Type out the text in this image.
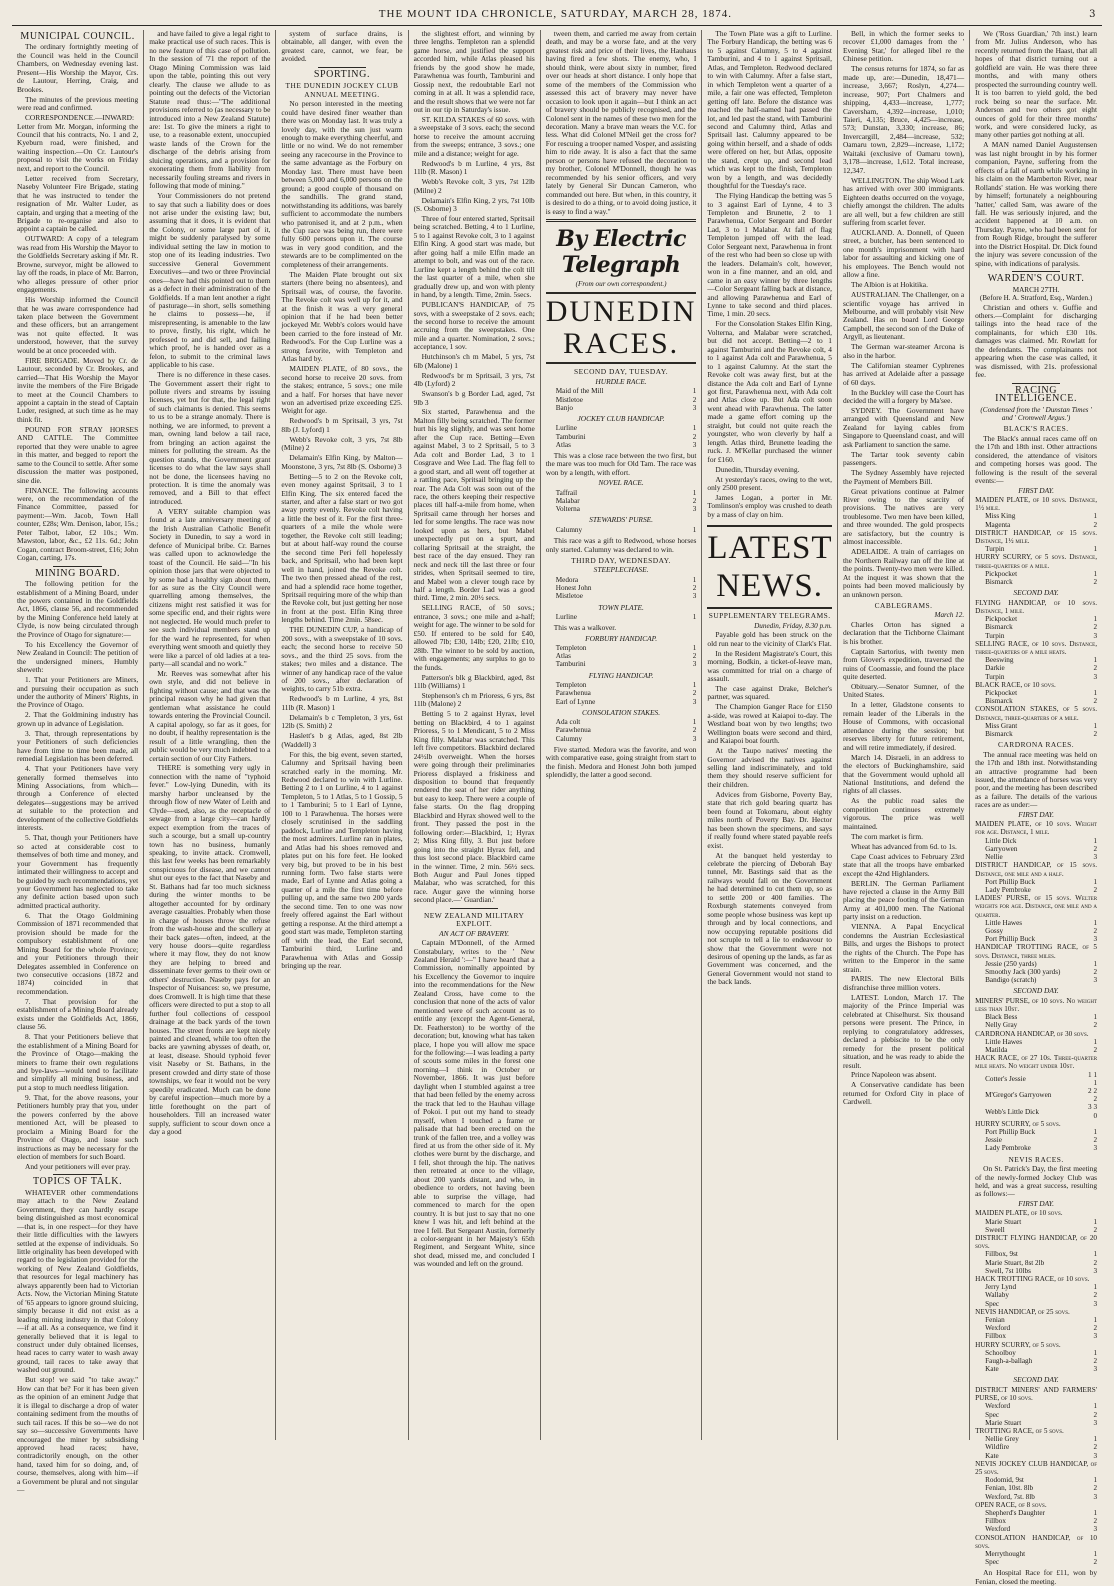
THE MOUNT IDA CHRONICLE, SATURDAY, MARCH 28, 1874.	3
MUNICIPAL COUNCIL.

The ordinary fortnightly meeting of the Council was held in the Council Chambers, on Wednesday evening last. Present—His Worship the Mayor, Crs. de Lautour, Herring, Craig, and Brookes.

The minutes of the previous meeting were read and confirmed.

CORRESPONDENCE.—INWARD: Letter from Mr. Morgan, informing the Council that his contracts, No. 1 and 2, Kyeburn road, were finished, and waiting inspection.—On Cr. Lautour's proposal to visit the works on Friday next, and report to the Council.

Letter received from Secretary, Naseby Volunteer Fire Brigade, stating that he was instructed to tender the resignation of Mr. Walter Luder, as captain, and urging that a meeting of the Brigade to re-organise and also to appoint a captain be called.

OUTWARD: A copy of a telegram was read from His Worship the Mayor to the Goldfields Secretary asking if Mr. R. Browne, surveyor, might be allowed to lay off the roads, in place of Mr. Barron, who alleges pressure of other prior engagements.

His Worship informed the Council that he was aware correspondence had taken place between the Government and these officers, but an arrangement was not quite effected. It was understood, however, that the survey would be at once proceeded with.

FIRE BRIGADE. Moved by Cr. de Lautour, seconded by Cr. Brookes, and carried—That His Worship the Mayor invite the members of the Fire Brigade to meet at the Council Chambers to appoint a captain in the stead of Captain Luder, resigned, at such time as he may think fit.

POUND FOR STRAY HORSES AND CATTLE. The Committee reported that they were unable to agree in this matter, and begged to report the same to the Council to settle. After some discussion the matter was postponed, sine die.

FINANCE. The following accounts were, on the recommendation of the Finance Committee, passed for payment:—Wm. Jacob, Town Hall counter, £28s; Wm. Denison, labor, 15s.; Peter Talbot, labor, £2 10s.; Wm. Mawston, labor, &c., £2 11s. 6d.; John Cogan, contract Broom-street, £16; John Cogan, carting, 17s.

MINING BOARD.

The following petition for the establishment of a Mining Board, under the powers contained in the Goldfields Act, 1866, clause 56, and recommended by the Mining Conference held lately at Clyde, is now being circulated through the Province of Otago for signature:—

To his Excellency the Governor of New Zealand in Council: The petition of the undersigned miners, Humbly sheweth:

1. That your Petitioners are Miners, and pursuing their occupation as such under the authority of Miners' Rights, in the Province of Otago.

2. That the Goldmining industry has grown up in advance of Legislation.

3. That, through representations by your Petitioners of such deficiencies have from time to time been made, all remedial Legislation has been deferred.

4. That your Petitioners have very generally formed themselves into Mining Associations, from which—through a Conference of elected delegates—suggestions may be arrived at suitable to the protection and development of the collective Goldfields interests.

5. That, though your Petitioners have so acted at considerable cost to themselves of both time and money, and your Government has frequently intimated their willingness to accept and be guided by such recommendations, yet your Government has neglected to take any definite action based upon such admitted practical authority.

6. That the Otago Goldmining Commission of 1871 recommended that provision should be made for the compulsory establishment of one Mining Board for the whole Province; and your Petitioners through their Delegates assembled in Conference on two consecutive occasions (1872 and 1874) coincided in that recommendation.

7. That provision for the establishment of a Mining Board already exists under the Goldfields Act, 1866, clause 56.

8. That your Petitioners believe that the establishment of a Mining Board for the Province of Otago—making the miners to frame their own regulations and bye-laws—would tend to facilitate and simplify all mining business, and put a stop to much needless litigation.

9. That, for the above reasons, your Petitioners humbly pray that you, under the powers conferred by the above mentioned Act, will be pleased to proclaim a Mining Board for the Province of Otago, and issue such instructions as may be necessary for the election of members for such Board.

And your petitioners will ever pray.

TOPICS OF TALK.

WHATEVER other commendations may attach to the New Zealand Government, they can hardly escape being distinguished as most economical—that is, in one respect—for they have their little difficulties with the lawyers settled at the expense of individuals. So little originality has been developed with regard to the legislation provided for the working of New Zealand Goldfields, that resources for legal machinery has always apparently been had to Victorian Acts. Now, the Victorian Mining Statute of '65 appears to ignore ground sluicing, simply because it did not exist as a leading mining industry in that Colony—if at all. As a consequence, we find it generally believed that it is legal to construct under duly obtained licenses, head races to carry water to wash away ground, tail races to take away that washed out ground.

But stop! we said "to take away." How can that be? For it has been given as the opinion of an eminent Judge that it is illegal to discharge a drop of water containing sediment from the mouths of such tail races. If this be so—we do not say so—successive Governments have encouraged the miner by subsidising approved head races; have, contradictorily enough, on the other hand, taxed him for so doing, and, of course, themselves, along with him—if a Government be plural and not singular—

and have failed to give a legal right to make practical use of such races. This is no new feature of this case of pollution. In the session of '71 the report of the Otago Mining Commission was laid upon the table, pointing this out very clearly. The clause we allude to as pointing out the defects of the Victorian Statute read thus:—"The additional provisions referred to (as necessary to be introduced into a New Zealand Statute) are: 1st. To give the miners a right to use, to a reasonable extent, unoccupied waste lands of the Crown for the discharge of the debris arising from sluicing operations, and a provision for exonerating them from liability from necessarily fouling streams and rivers in following that mode of mining."

Your Commissioners do not pretend to say that such a liability does or does not arise under the existing law; but, assuming that it does, it is evident that the Colony, or some large part of it, might be suddenly paralysed by some individual setting the law in motion to stop one of its leading industries. Two successive General Government Executives—and two or three Provincial ones—have had this pointed out to them as a defect in their administration of the Goldfields. If a man lent another a right of pasturage—in short, sells something he claims to possess—he, if misrepresenting, is amenable to the law to prove, firstly, his right, which he professed to and did sell, and failing which proof, he is handed over as a felon, to submit to the criminal laws applicable to his case.

There is no difference in these cases. The Government assert their right to pollute rivers and streams by issuing licenses, yet but for that, the legal right of such claimants is denied. This seems to us to be a strange anomaly. There is nothing, we are informed, to prevent a man, owning land below a tail race, from bringing an action against the miners for polluting the stream. As the question stands, the Government grant licenses to do what the law says shall not be done, the licensees having no protection. It is time the anomaly was removed, and a Bill to that effect introduced.

A VERY suitable champion was found at a late anniversary meeting of the Irish Australian Catholic Benefit Society in Dunedin, to say a word in defence of Municipal bribe. Cr. Barnes was called upon to acknowledge the toast of the Council. He said—"In his opinion those jars that were objected to by some had a healthy sign about them, for as sure as the City Council were quarrelling among themselves, the citizens might rest satisfied it was for some specific end, and their rights were not neglected. He would much prefer to see such individual members stand up for the ward he represented, for when everything went smooth and quietly they were like a parcel of old ladies at a tea-party—all scandal and no work."

Mr. Reeves was somewhat after his own style, and did not believe in fighting without cause; and that was the principal reason why he had given that gentleman what assistance he could towards entering the Provincial Council. A capital apology, so far as it goes, for no doubt, if healthy representation is the result of a little wrangling, then the public would be very much indebted to a certain section of our City Fathers.

THERE is something very ugly in connection with the name of "typhoid fever." Low-lying Dunedin, with its marshy harbor uncleansed by the through flow of new Water of Leith and Clyde—used, also, as the receptacle of sewage from a large city—can hardly expect exemption from the traces of such a scourge, but a small up-country town has no business, humanly speaking, to invite attack. Cromwell, this last few weeks has been remarkably conspicuous for disease, and we cannot shut our eyes to the fact that Naseby and St. Bathans had far too much sickness during the winter months to be altogether accounted for by ordinary average casualties. Probably when those in charge of houses throw the refuse from the wash-house and the scullery at their back gates—often, indeed, at the very house doors—quite regardless where it may flow, they do not know they are helping to breed and disseminate fever germs to their own or others' destruction. Naseby pays for an Inspector of Nuisances: so, we presume, does Cromwell. It is high time that these officers were directed to put a stop to all further foul collections of cesspool drainage at the back yards of the town houses. The street fronts are kept nicely painted and cleaned, while too often the backs are yawning abysses of death, or, at least, disease. Should typhoid fever visit Naseby or St. Bathans, in the present crowded and dirty state of those townships, we fear it would not be very speedily eradicated. Much can be done by careful inspection—much more by a little forethought on the part of householders. Till an increased water supply, sufficient to scour down once a day a good

system of surface drains, is obtainable, all danger, with even the greatest care, cannot, we fear, be avoided.

SPORTING.
THE DUNEDIN JOCKEY CLUB ANNUAL MEETING.

No person interested in the meeting could have desired finer weather than there was on Monday last. It was truly a lovely day, with the sun just warm enough to make everything cheerful, and little or no wind. We do not remember seeing any racecourse in the Province to the same advantage as the Forbury on Monday last. There must have been between 5,000 and 6,000 persons on the ground; a good couple of thousand on the sandhills. The grand stand, notwithstanding its additions, was barely sufficient to accommodate the numbers who patronised it, and at 2 p.m., when the Cup race was being run, there were fully 600 persons upon it. The course was in very good condition, and the stewards are to be complimented on the completeness of their arrangements.

The Maiden Plate brought out six starters (there being no absentees), and Spritsail was, of course, the favorite. The Revoke colt was well up for it, and at the finish it was a very general opinion that if he had been better jockeyed Mr. Webb's colors would have been carried to the fore instead of Mr. Redwood's. For the Cup Lurline was a strong favorite, with Templeton and Atlas hard by.

MAIDEN PLATE, of 80 sovs., the second horse to receive 20 sovs. from the stakes; entrance, 5 sovs.; one mile and a half. For horses that have never won an advertised prize exceeding £25. Weight for age.

Redwood's b m Spritsail, 3 yrs, 7st 8lb (J. Lyford) 1

Webb's Revoke colt, 3 yrs, 7st 8lb (Milne) 2

Delamain's Elfin King, by Malton—Moonstone, 3 yrs, 7st 8lb (S. Osborne) 3

Betting—5 to 2 on the Revoke colt, even money against Spritsail, 3 to 1 Elfin King. The six entered faced the starter, and after a false start or two got away pretty evenly. Revoke colt having a little the best of it. For the first three-quarters of a mile the whole were together, the Revoke colt still leading; but at about half-way round the course the second time Peri fell hopelessly back, and Spritsail, who had been kept well in hand, joined the Revoke colt. The two then pressed ahead of the rest, and had a splendid race home together, Spritsail requiring more of the whip than the Revoke colt, but just getting her nose in front at the post. Elfin King three lengths behind. Time 2min. 58sec.

THE DUNEDIN CUP, a handicap of 200 sovs., with a sweepstake of 10 sovs. each; the second horse to receive 50 sovs., and the third 25 sovs. from the stakes; two miles and a distance. The winner of any handicap race of the value of 200 sovs., after declaration of weights, to carry 51b extra.

Redwood's b m Lurline, 4 yrs, 8st 11lb (R. Mason) 1

Delamain's b c Templeton, 3 yrs, 6st 12lb (S. Smith) 2

Haslett's b g Atlas, aged, 8st 2lb (Waddell) 3

For this, the big event, seven started, Calumny and Spritsail having been scratched early in the morning. Mr. Redwood declared to win with Lurline. Betting 2 to 1 on Lurline, 4 to 1 against Templeton, 5 to 1 Atlas, 5 to 1 Gossip, 5 to 1 Tamburini; 5 to 1 Earl of Lynne, 100 to 1 Parawhenua. The horses were closely scrutinised in the saddling paddock, Lurline and Templeton having the most admirers. Lurline ran in plates, and Atlas had his shoes removed and plates put on his fore feet. He looked very big, but proved to be in his best running form. Two false starts were made, Earl of Lynne and Atlas going a quarter of a mile the first time before pulling up, and the same two 200 yards the second time. Ten to one was now freely offered against the Earl without getting a response. At the third attempt a good start was made, Templeton starting off with the lead, the Earl second, Tamburini third, Lurline and Parawhenua with Atlas and Gossip bringing up the rear.

the slightest effort, and winning by three lengths. Templeton ran a splendid game horse, and justified the support accorded him, while Atlas pleased his friends by the good show he made, Parawhenua was fourth, Tamburini and Gossip next, the redoubtable Earl not coming in at all. It was a splendid race, and the result shows that we were not far out in our tip in Saturday's issue.

ST. KILDA STAKES of 60 sovs. with a sweepstake of 3 sovs. each; the second horse to receive the amount accruing from the sweeps; entrance, 3 sovs.; one mile and a distance; weight for age.

Redwood's b m Lurline, 4 yrs, 8st 11lb (R. Mason) 1

Webb's Revoke colt, 3 yrs, 7st 12lb (Milne) 2

Delamain's Elfin King, 2 yrs, 7st 10lb (S. Osborne) 3

Three of four entered started, Spritsail being scratched. Betting, 4 to 1 Lurline, 5 to 1 against Revoke colt, 3 to 1 against Elfin King. A good start was made, but after going half a mile Elfin made an attempt to bolt, and was out of the race. Lurline kept a length behind the colt till the last quarter of a mile, when she gradually drew up, and won with plenty in hand, by a length. Time, 2min. 5secs.

PUBLICAN'S HANDICAP, of 75 sovs, with a sweepstake of 2 sovs. each; the second horse to receive the amount accruing from the sweepstakes. One mile and a quarter. Nomination, 2 sovs.; acceptance, 1 sov.

Hutchinson's ch m Mabel, 5 yrs, 7st 6lb (Malone) 1

Redwood's br m Spritsail, 3 yrs, 7st 4lb (Lyford) 2

Swanson's b g Border Lad, aged, 7st 9lb 3

Six started, Parawhenua and the Malton filly being scratched. The former hurt his leg slightly, and was sent home after the Cup race. Betting—Even against Mabel, 3 to 2 Spritsail, 5 to 3 Ada colt and Border Lad, 3 to 1 Cosgrave and Wee Lad. The flag fell to a good start, and all went off together at a rattling pace, Spritsail bringing up the rear. The Ada Colt was soon out of the race, the others keeping their respective places till half-a-mile from home, when Spritsail came through her horses and led for some lengths. The race was now looked upon as hers, but Mabel unexpectedly put on a spurt, and collaring Spritsail at the straight, the best race of the day ensued. They ran neck and neck till the last three or four strides, when Spritsail seemed to tire, and Mabel won a clever tough race by half a length. Border Lad was a good third. Time, 2 min. 20½ secs.

SELLING RACE, of 50 sovs.; entrance, 3 sovs.; one mile and a-half; weight for age. The winner to be sold for £50. If entered to be sold for £40, allowed 7lb; £30, 14lb; £20, 21lb; £10, 28lb. The winner to be sold by auction, with engagements; any surplus to go to the funds.

Patterson's blk g Blackbird, aged, 8st 11lb (Williams) 1

Stephenson's ch m Prioress, 6 yrs, 8st 11lb (Malone) 2

Betting 5 to 2 against Hyrax, level betting on Blackbird, 4 to 1 against Prioress, 5 to 1 Mendicant, 5 to 2 Miss King filly. Malabar was scratched. This left five competitors. Blackbird declared 24½lb overweight. When the horses were going through their preliminaries Prioress displayed a friskiness and disposition to bound that frequently rendered the seat of her rider anything but easy to keep. There were a couple of false starts. On the flag dropping Blackbird and Hyrax showed well to the front. They passed the post in the following order:—Blackbird, 1; Hyrax 2; Miss King filly, 3. But just before going into the straight Hyrax fell, and thus lost second place. Blackbird came in the winner. Time, 2 min. 56½ secs. Both Augur and Paul Jones tipped Malabar, who was scratched, for this race. Augur gave the winning horse second place.—' Guardian.'

NEW ZEALAND MILITARY EXPLOIT.
AN ACT OF BRAVERY.

Captain M'Donnell, of the Armed Constabulary, writes to the ' New Zealand Herald ':—" I have heard that a Commission, nominally appointed by his Excellency the Governor to inquire into the recommendations for the New Zealand Cross, have come to the conclusion that none of the acts of valor mentioned were of such account as to entitle any (except the Agent-General, Dr. Featherston) to be worthy of the decoration; but, knowing what has taken place, I hope you will allow me space for the following:—I was leading a party of scouts some miles in the forest one morning—I think in October or November, 1866. It was just before daylight when I stumbled against a tree that had been felled by the enemy across the track that led to the Hauhau village of Pokoi. I put out my hand to steady myself, when I touched a frame or palisade that had been erected on the trunk of the fallen tree, and a volley was fired at us from the other side of it. My clothes were burnt by the discharge, and I fell, shot through the hip. The natives then retreated at once to the village, about 200 yards distant, and who, in obedience to orders, not having been able to surprise the village, had commenced to march for the open country. It is but just to say that no one knew I was hit, and left behind at the tree I fell. But Sergeant Austin, formerly a color-sergeant in her Majesty's 65th Regiment, and Sergeant White, since shot dead, missed me, and concluded I was wounded and left on the ground.

tween them, and carried me away from certain death, and may be a worse fate, and at the very greatest risk and price of their lives, the Hauhaus having fired a few shots. The enemy, who, I should think, were about sixty in number, fired over our heads at short distance. I only hope that some of the members of the Commission who assessed this act of bravery may never have occasion to look upon it again—but I think an act of bravery should be publicly recognised, and the Colonel sent in the names of these two men for the decoration. Many a brave man wears the V.C. for less. What did Colonel M'Neil get the cross for? For rescuing a trooper named Vosper, and assisting him to ride away. It is also a fact that the same person or persons have refused the decoration to my brother, Colonel M'Donnell, though he was recommended by his senior officers, and very lately by General Sir Duncan Cameron, who commanded out here. But when, in this country, it is desired to do a thing, or to avoid doing justice, it is easy to find a way."

By Electric Telegraph
(From our own correspondent.)
DUNEDIN RACES.
SECOND DAY, TUESDAY.
HURDLE RACE.
Maid of the Mill	1
Mistletoe	2
Banjo	3
JOCKEY CLUB HANDICAP.
Lurline	1
Tamburini	2
Atlas	3

This was a close race between the two first, but the mare was too much for Old Tam. The race was won by a length, with effort.

NOVEL RACE.
Taffrail	1
Malabar	2
Volterna	3
STEWARDS' PURSE.
Calumny	1

This race was a gift to Redwood, whose horses only started. Calumny was declared to win.

THIRD DAY, WEDNESDAY.
STEEPLECHASE.
Medora	1
Honest John	2
Mistletoe	3
TOWN PLATE.
Lurline	1

This was a walkover.

FORBURY HANDICAP.
Templeton	1
Atlas	2
Tamburini	3
FLYING HANDICAP.
Templeton	1
Parawhenua	2
Earl of Lynne	3
CONSOLATION STAKES.
Ada colt	1
Parawhenua	2
Calumny	3

Five started. Medora was the favorite, and won with comparative ease, going straight from start to the finish. Medora and Honest John both jumped splendidly, the latter a good second.

The Town Plate was a gift to Lurline. The Forbury Handicap, the betting was 6 to 5 against Calumny, 5 to 4 against Tamburini, and 4 to 1 against Spritsail, Atlas, and Templeton. Redwood declared to win with Calumny. After a false start, in which Templeton went a quarter of a mile, a fair one was effected, Templeton getting off late. Before the distance was reached the half-named had passed the lot, and led past the stand, with Tamburini second and Calumny third, Atlas and Spritsail last. Calumny appeared to be going within herself, and a shade of odds were offered on her, but Atlas, opposite the stand, crept up, and second lead which was kept to the finish, Templeton won by a length, and was decidedly thoughtful for the Tuesday's race.

The Flying Handicap the betting was 5 to 3 against Earl of Lynne, 4 to 3 Templeton and Brunette, 2 to 1 Parawhenua, Color Sergeant and Border Lad, 3 to 1 Malabar. At fall of flag Templeton jumped off with the lead. Color Sergeant next, Parawhenua in front of the rest who had been so close up with the leaders. Delamain's colt, however, won in a fine manner, and an old, and came in an easy winner by three lengths—Color Sergeant falling back at distance, and allowing Parawhenua and Earl of Lynne to take second and third places. Time, 1 min. 20 secs.

For the Consolation Stakes Elfin King, Volterna, and Malabar were scratched, but did not accept. Betting—2 to 1 against Tamburini and the Revoke colt, 4 to 1 against Ada colt and Parawhenua, 5 to 1 against Calumny. At the start the Revoke colt was away first, but at the distance the Ada colt and Earl of Lynne got first, Parawhenua next, with Ada colt and Atlas close up. But Ada colt soon went ahead with Parawhenua. The latter made a game effort coming up the straight, but could not quite reach the youngster, who won cleverly by half a length. Atlas third, Brunette leading the ruck. J. M'Kellar purchased the winner for £160.

Dunedin, Thursday evening.

At yesterday's races, owing to the wet, only 2500 present.

James Logan, a porter in Mr. Tomlinson's employ was crushed to death by a mass of clay on him.

LATEST NEWS.
SUPPLEMENTARY TELEGRAMS.
Dunedin, Friday, 8.30 p.m.

Payable gold has been struck on the old run near to the vicinity of Clark's Flat.

In the Resident Magistrate's Court, this morning, Bodkin, a ticket-of-leave man, was committed for trial on a charge of assault.

The case against Drake, Belcher's partner, was squared.

The Champion Ganger Race for £150 a-side, was rowed at Kaiapoi to-day. The Westland boat won by two lengths; two Wellington boats were second and third, and Kaiapoi boat fourth.

At the Taupo natives' meeting the Governor advised the natives against selling land indiscriminately, and told them they should reserve sufficient for their children.

Advices from Gisborne, Poverty Bay, state that rich gold bearing quartz has been found at Tokomaru, about eighty miles north of Poverty Bay. Dr. Hector has been shown the specimens, and says if really found where stated payable reefs exist.

At the banquet held yesterday to celebrate the piercing of Deborah Bay tunnel, Mr. Bastings said that as the railways would fall on the Government he had determined to cut them up, so as to settle 200 or 400 families. The Roxburgh statements conveyed from some people whose business was kept up through and by local connections, and now occupying reputable positions did not scruple to tell a lie to endeavour to show that the Government were not desirous of opening up the lands, as far as Government was concerned, and the General Government would not stand to the back lands.

Bell, in which the former seeks to recover £1,000 damages from the ' Evening Star,' for alleged libel re the Chinese petition.

The census returns for 1874, so far as made up, are:—Dunedin, 18,471—increase, 3,667; Roslyn, 4,274—increase, 907; Port Chalmers and shipping, 4,433—increase, 1,777; Caversham, 4,392—increase, 1,010; Taieri, 4,135; Bruce, 4,425—increase, 573; Dunstan, 3,330; increase, 86; Invercargill, 2,484—increase, 532; Oamaru town, 2,829—increase, 1,172; Waitaki (exclusive of Oamaru town), 3,178—increase, 1,612. Total increase, 12,347.

WELLINGTON. The ship Wood Lark has arrived with over 300 immigrants. Eighteen deaths occurred on the voyage, chiefly amongst the children. The adults are all well, but a few children are still suffering from scarlet fever.

AUCKLAND. A. Donnell, of Queen street, a butcher, has been sentenced to one month's imprisonment with hard labor for assaulting and kicking one of his employees. The Bench would not allow a fine.

The Albion is at Hokitika.

AUSTRALIAN. The Challenger, on a scientific voyage has arrived in Melbourne, and will probably visit New Zealand. Has on board Lord George Campbell, the second son of the Duke of Argyll, as lieutenant.

The German war-steamer Arcona is also in the harbor.

The Californian steamer Cyphrenes has arrived at Adelaide after a passage of 60 days.

In the Buckley will case the Court has decided the will a forgery by Ma'see.

SYDNEY. The Government have arranged with Queensland and New Zealand for laying cables from Singapore to Queensland coast, and will ask Parliament to sanction the same.

The Tartar took seventy cabin passengers.

The Sydney Assembly have rejected the Payment of Members Bill.

Great privations continue at Palmer River owing to the scarcity of provisions. The natives are very troublesome. Two men have been killed, and three wounded. The gold prospects are satisfactory, but the country is almost inaccessible.

ADELAIDE. A train of carriages on the Northern Railway ran off the line at the points. Twenty-two men were killed. At the inquest it was shown that the points had been moved maliciously by an unknown person.

CABLEGRAMS.
March 12.

Charles Orton has signed a declaration that the Tichborne Claimant is his brother.

Captain Sartorius, with twenty men from Glover's expedition, traversed the ruins of Coomassie, and found the place quite deserted.

Obituary.—Senator Sumner, of the United States.

In a letter, Gladstone consents to remain leader of the Liberals in the House of Commons, with occasional attendance during the session; but reserves liberty for future retirement, and will retire immediately, if desired.

March 14. Disraeli, in an address to the electors of Buckinghamshire, said that the Government would uphold all National Institutions, and defend the rights of all classes.

As the public road sales the competition continues extremely vigorous. The price was well maintained.

The corn market is firm.

Wheat has advanced from 6d. to 1s.

Cape Coast advices to February 23rd state that all the troops have embarked except the 42nd Highlanders.

BERLIN. The German Parliament have rejected a clause in the Army Bill placing the peace footing of the German Army at 401,000 men. The National party insist on a reduction.

VIENNA. A Papal Encyclical condemns the Austrian Ecclesiastical Bills, and urges the Bishops to protect the rights of the Church. The Pope has written to the Emperor in the same strain.

PARIS. The new Electoral Bills disfranchise three million voters.

LATEST. London, March 17. The majority of the Prince Imperial was celebrated at Chiselhurst. Six thousand persons were present. The Prince, in replying to congratulatory addresses, declared a plebiscite to be the only remedy for the present political situation, and he was ready to abide the result.

Prince Napoleon was absent.

A Conservative candidate has been returned for Oxford City in place of Cardwell.

We ('Ross Guardian,' 7th inst.) learn from Mr. Julius Anderson, who has recently returned from the Haast, that all hopes of that district turning out a goldfield are vain. He was there three months, and with many others prospected the surrounding country well. It is too barren to yield gold, the bed rock being so near the surface. Mr. Anderson and two others got eight ounces of gold for their three months' work, and were considered lucky, as many other parties got nothing at all.

A MAN named Daniel Augustensen was last night brought in by his former companion, Payne, suffering from the effects of a fall of earth while working in his claim on the Mamberton River, near Rollands' station. He was working there by himself; fortunately a neighbouring 'hatter,' called Sam, was aware of the fall. He was seriously injured, and the accident happened at 10 a.m. on Thursday. Payne, who had been sent for from Rough Ridge, brought the sufferer into the District Hospital. Dr. Dick found the injury was severe concussion of the spine, with indications of paralysis.

WARDEN'S COURT.
MARCH 27TH.
(Before H. A. Stratford, Esq., Warden.)

Christian and others v. Guffie and others.—Complaint for discharging tailings into the head race of the complainants, for which £30 10s. damages was claimed. Mr. Rowlatt for the defendants. The complainants not appearing when the case was called, it was dismissed, with 21s. professional fee.

RACING INTELLIGENCE.
(Condensed from the ' Dunstan Times ' and ' Cromwell Argus.')
BLACK'S RACES.

The Black's annual races came off on the 17th and 18th inst. Other attractions considered, the attendance of visitors and competing horses was good. The following is the result of the several events:—

FIRST DAY.
MAIDEN PLATE, of 10 sovs. Distance, 1½ mile.	
Miss King	1
Magenta	2
DISTRICT HANDICAP, of 15 sovs. Distance, 1½ mile.	
Turpin	1
HURRY SCURRY, of 5 sovs. Distance, three-quarters of a mile.	
Pickpocket	1
Bismarck	2
SECOND DAY.
FLYING HANDICAP, of 10 sovs. Distance, 1 mile.	
Pickpocket	1
Bismarck	2
Turpin	3
SELLING RACE, of 10 sovs. Distance, three-quarters of a mile heats.	
Beeswing	1
Darkie	2
Turpin	3
BLACK RACE, of 10 sovs.	
Pickpocket	1
Bismarck	2
CONSOLATION STAKES, of 5 sovs. Distance, three-quarters of a mile.	
Miss Grant	1
Bismarck	2
CARDRONA RACES.

The annual race meeting was held on the 17th and 18th inst. Notwithstanding an attractive programme had been issued, the attendance of horses was very poor, and the meeting has been described as a failure. The details of the various races are as under:—

FIRST DAY.
MAIDEN PLATE, of 10 sovs. Weight for age. Distance, 1 mile.	
Little Dick	1
Garryowen	2
Nellie	3
DISTRICT HANDICAP, of 15 sovs. Distance, one mile and a half.	
Port Phillip Buck	1
Lady Pembroke	2
LADIES' PURSE, of 15 sovs. Welter weights for age. Distance, one mile and a quarter.	
Little Hawes	1
Gossy	2
Port Phillip Buck	3
HANDICAP TROTTING RACE, of 5 sovs. Distance, three miles.	
Jessie (250 yards)	1
Smoothy Jack (300 yards)	2
Bandigo (scratch)	3
SECOND DAY.
MINERS' PURSE, of 10 sovs. No weight less than 10st.	
Black Bess	1
Nelly Gray	2
CARDRONA HANDICAP, of 30 sovs.	
Little Hawes	1
Matilda	2
HACK RACE, of 27 10s. Three-quarter mile heats. No weight under 10st.	
Cotter's Jessie	1 1 1
M'Gregor's Garryowen	2 2 2
Webb's Little Dick	3 3 0
HURRY SCURRY, of 5 sovs.	
Port Phillip Buck	1
Jessie	2
Lady Pembroke	3
NEVIS RACES.

On St. Patrick's Day, the first meeting of the newly-formed Jockey Club was held, and was a great success, resulting as follows:—

FIRST DAY.
MAIDEN PLATE, of 10 sovs.	
Marie Stuart	1
Sweell	2
DISTRICT FLYING HANDICAP, of 20 sovs.	
Fillbox, 9st	1
Marie Stuart, 8st 2lb	2
Swell, 7st 10lbs	3
HACK TROTTING RACE, of 10 sovs.	
Jerry Lynd	1
Wallaby	2
Spec	3
NEVIS HANDICAP, of 25 sovs.	
Fenian	1
Wexford	2
Fillbox	3
HURRY SCURRY, of 5 sovs.	
Schoolboy	1
Faugh-a-ballagh	2
Kate	3
SECOND DAY.
DISTRICT MINERS' AND FARMERS' PURSE, of 10 sovs.	
Wexford	1
Spec	2
Marie Stuart	3
TROTTING RACE, of 5 sovs.	
Nellie Grey	1
Wildfire	2
Kate	3
NEVIS JOCKEY CLUB HANDICAP, of 25 sovs.	
Rodomid, 9st	1
Fenian, 10st. 8lb	2
Wexford, 7st. 8lb	3
OPEN RACE, of 8 sovs.	
Shepherd's Daughter	1
Fillbox	2
Wexford	3
CONSOLATION HANDICAP, of 10 sovs.	
Merrythought	1
Spec	2

An Hospital Race for £11, won by Fenian, closed the meeting.
